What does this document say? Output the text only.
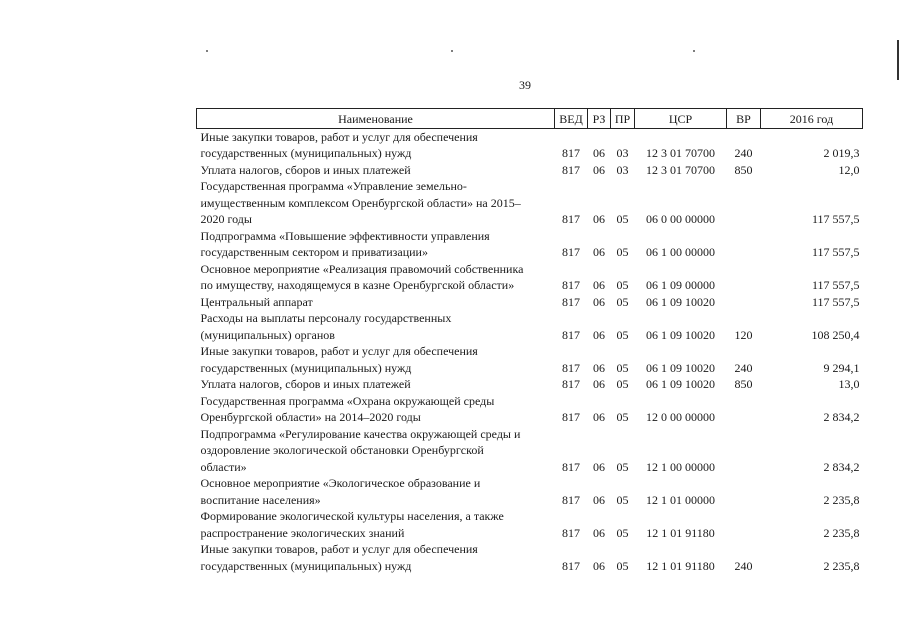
39
Наименование	ВЕД	РЗ	ПР	ЦСР	ВР	2016 год

Иные закупки товаров, работ и услуг для обеспечения
государственных (муниципальных) нужд	817	06	03	12 3 01 70700	240	2 019,3

Уплата налогов, сборов и иных платежей	817	06	03	12 3 01 70700	850	12,0

Государственная программа «Управление земельно-
имущественным комплексом Оренбургской области» на 2015–
2020 годы	817	06	05	06 0 00 00000		117 557,5

Подпрограмма «Повышение эффективности управления
государственным сектором и приватизации»	817	06	05	06 1 00 00000		117 557,5

Основное мероприятие «Реализация правомочий собственника
по имуществу, находящемуся в казне Оренбургской области»	817	06	05	06 1 09 00000		117 557,5

Центральный аппарат	817	06	05	06 1 09 10020		117 557,5

Расходы на выплаты персоналу государственных
(муниципальных) органов	817	06	05	06 1 09 10020	120	108 250,4

Иные закупки товаров, работ и услуг для обеспечения
государственных (муниципальных) нужд	817	06	05	06 1 09 10020	240	9 294,1

Уплата налогов, сборов и иных платежей	817	06	05	06 1 09 10020	850	13,0

Государственная программа «Охрана окружающей среды
Оренбургской области» на 2014–2020 годы	817	06	05	12 0 00 00000		2 834,2

Подпрограмма «Регулирование качества окружающей среды и
оздоровление экологической обстановки Оренбургской
области»	817	06	05	12 1 00 00000		2 834,2

Основное мероприятие «Экологическое образование и
воспитание населения»	817	06	05	12 1 01 00000		2 235,8

Формирование экологической культуры населения, а также
распространение экологических знаний	817	06	05	12 1 01 91180		2 235,8

Иные закупки товаров, работ и услуг для обеспечения
государственных (муниципальных) нужд	817	06	05	12 1 01 91180	240	2 235,8
